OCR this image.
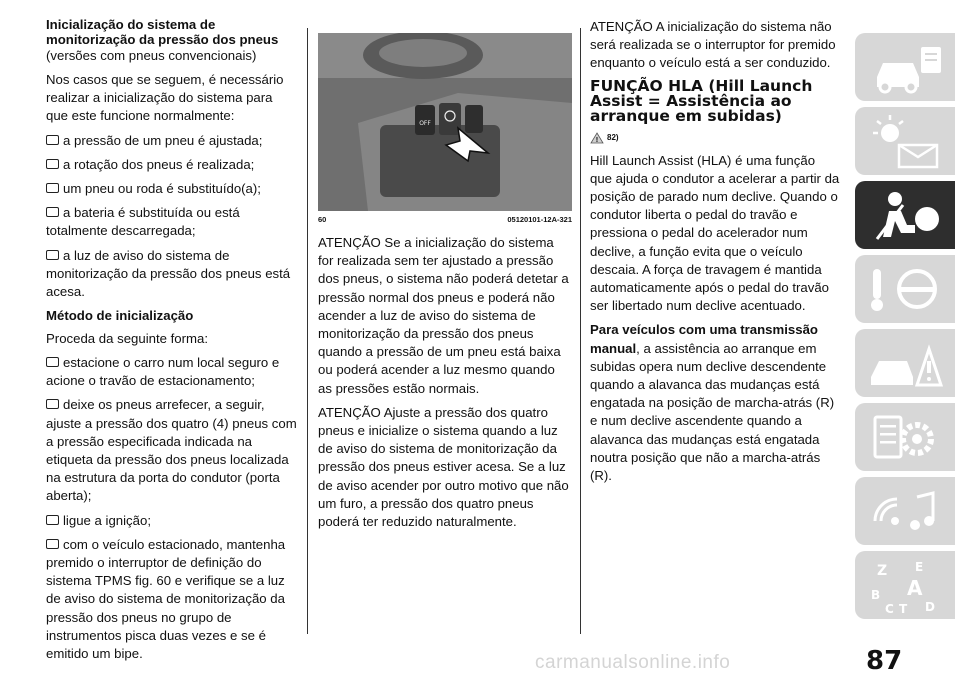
Inicialização do sistema de monitorização da pressão dos pneus

(versões com pneus convencionais)

Nos casos que se seguem, é necessário realizar a inicialização do sistema para que este funcione normalmente:

a pressão de um pneu é ajustada;

a rotação dos pneus é realizada;

um pneu ou roda é substituído(a);

a bateria é substituída ou está totalmente descarregada;

a luz de aviso do sistema de monitorização da pressão dos pneus está acesa.

Método de inicialização

Proceda da seguinte forma:

estacione o carro num local seguro e acione o travão de estacionamento;

deixe os pneus arrefecer, a seguir, ajuste a pressão dos quatro (4) pneus com a pressão especificada indicada na etiqueta da pressão dos pneus localizada na estrutura da porta do condutor (porta aberta);

ligue a ignição;

com o veículo estacionado, mantenha premido o interruptor de definição do sistema TPMS fig. 60 e verifique se a luz de aviso do sistema de monitorização da pressão dos pneus no grupo de instrumentos pisca duas vezes e se é emitido um bipe.

OFF
60	05120101-12A-321

ATENÇÃO Se a inicialização do sistema for realizada sem ter ajustado a pressão dos pneus, o sistema não poderá detetar a pressão normal dos pneus e poderá não acender a luz de aviso do sistema de monitorização da pressão dos pneus quando a pressão de um pneu está baixa ou poderá acender a luz mesmo quando as pressões estão normais.

ATENÇÃO Ajuste a pressão dos quatro pneus e inicialize o sistema quando a luz de aviso do sistema de monitorização da pressão dos pneus estiver acesa. Se a luz de aviso acender por outro motivo que não um furo, a pressão dos quatro pneus poderá ter reduzido naturalmente.

ATENÇÃO A inicialização do sistema não será realizada se o interruptor for premido enquanto o veículo está a ser conduzido.

FUNÇÃO HLA (Hill Launch Assist = Assistência ao arranque em subidas)

! 82)

Hill Launch Assist (HLA) é uma função que ajuda o condutor a acelerar a partir da posição de parado num declive. Quando o condutor liberta o pedal do travão e pressiona o pedal do acelerador num declive, a função evita que o veículo descaia. A força de travagem é mantida automaticamente após o pedal do travão ser libertado num declive acentuado.

Para veículos com uma transmissão manual, a assistência ao arranque em subidas opera num declive descendente quando a alavanca das mudanças está engatada na posição de marcha-atrás (R) e num declive ascendente quando a alavanca das mudanças está engatada noutra posição que não a marcha-atrás (R).

Z E
B A
C T D
carmanualsonline.info	87
